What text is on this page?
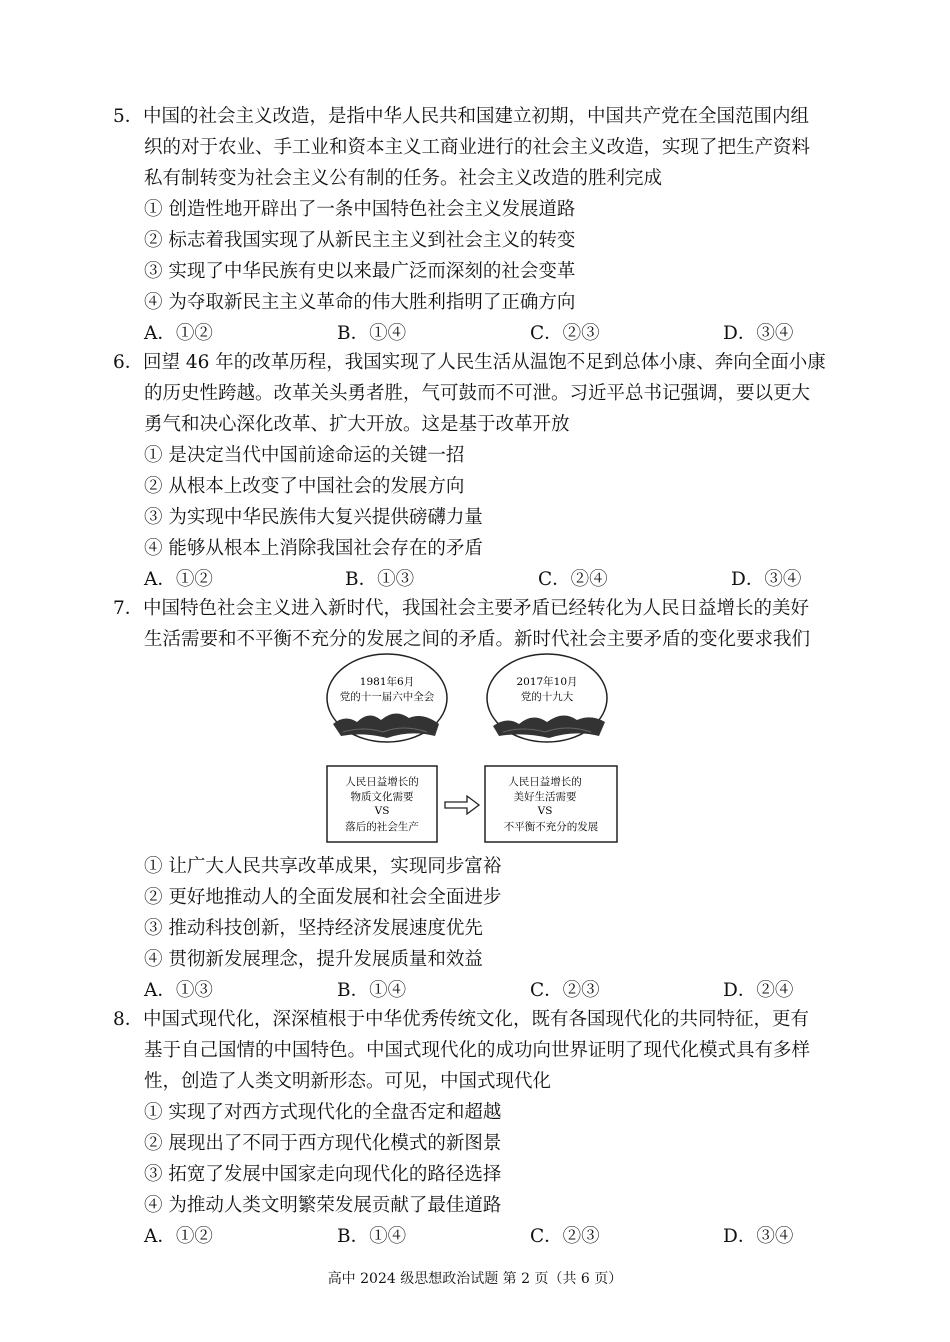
5．中国的社会主义改造，是指中华人民共和国建立初期，中国共产党在全国范围内组
织的对于农业、手工业和资本主义工商业进行的社会主义改造，实现了把生产资料
私有制转变为社会主义公有制的任务。社会主义改造的胜利完成
① 创造性地开辟出了一条中国特色社会主义发展道路
② 标志着我国实现了从新民主主义到社会主义的转变
③ 实现了中华民族有史以来最广泛而深刻的社会变革
④ 为夺取新民主主义革命的伟大胜利指明了正确方向
A．①②	B．①④	C．②③	D．③④
6．回望 46 年的改革历程，我国实现了人民生活从温饱不足到总体小康、奔向全面小康
的历史性跨越。改革关头勇者胜，气可鼓而不可泄。习近平总书记强调，要以更大
勇气和决心深化改革、扩大开放。这是基于改革开放
① 是决定当代中国前途命运的关键一招
② 从根本上改变了中国社会的发展方向
③ 为实现中华民族伟大复兴提供磅礴力量
④ 能够从根本上消除我国社会存在的矛盾
A．①②	B．①③	C．②④	D．③④
7．中国特色社会主义进入新时代，我国社会主要矛盾已经转化为人民日益增长的美好
生活需要和不平衡不充分的发展之间的矛盾。新时代社会主要矛盾的变化要求我们
1981年6月
党的十一届六中全会
2017年10月
党的十九大
人民日益增长的
物质文化需要
VS
落后的社会生产
人民日益增长的
美好生活需要
VS
不平衡不充分的发展
① 让广大人民共享改革成果，实现同步富裕
② 更好地推动人的全面发展和社会全面进步
③ 推动科技创新，坚持经济发展速度优先
④ 贯彻新发展理念，提升发展质量和效益
A．①③	B．①④	C．②③	D．②④
8．中国式现代化，深深植根于中华优秀传统文化，既有各国现代化的共同特征，更有
基于自己国情的中国特色。中国式现代化的成功向世界证明了现代化模式具有多样
性，创造了人类文明新形态。可见，中国式现代化
① 实现了对西方式现代化的全盘否定和超越
② 展现出了不同于西方现代化模式的新图景
③ 拓宽了发展中国家走向现代化的路径选择
④ 为推动人类文明繁荣发展贡献了最佳道路
A．①②	B．①④	C．②③	D．③④
高中 2024 级思想政治试题 第 2 页（共 6 页）
